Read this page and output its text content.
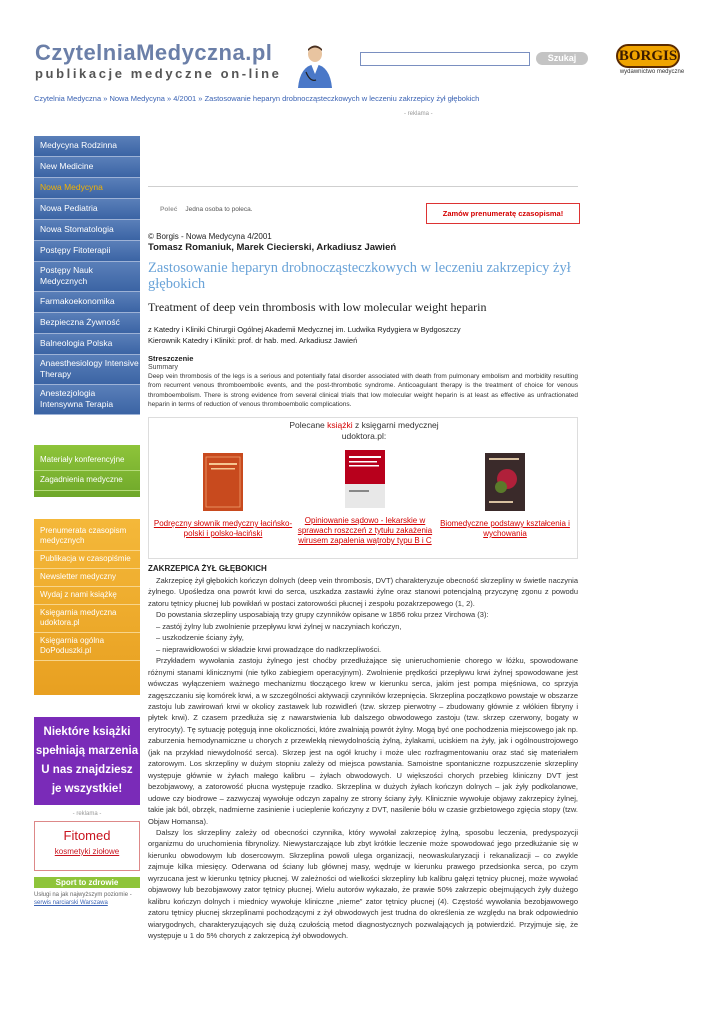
CzytelniaMedyczna.pl
publikacje medyczne on-line
Szukaj	BORGIS
wydawnictwo medyczne
Czytelnia Medyczna » Nowa Medycyna » 4/2001 » Zastosowanie heparyn drobnocząsteczkowych w leczeniu zakrzepicy żył głębokich
- reklama -
Medycyna Rodzinna
New Medicine
Nowa Medycyna
Nowa Pediatria
Nowa Stomatologia
Postępy Fitoterapii
Postępy Nauk Medycznych
Farmakoekonomika
Bezpieczna Żywność
Balneologia Polska
Anaesthesiology Intensive Therapy
Anestezjologia Intensywna Terapia
Materiały konferencyjne
Zagadnienia medyczne
Prenumerata czasopism medycznych
Publikacja w czasopiśmie
Newsletter medyczny
Wydaj z nami książkę
Księgarnia medyczna udoktora.pl
Księgarnia ogólna DoPoduszki.pl
Niektóre książki
spełniają marzenia
U nas znajdziesz
je wszystkie!
- reklama -
Fitomed
kosmetyki ziołowe
Sport to zdrowie
Usługi na jak najwyższym poziomie -
serwis narciarski Warszawa
Poleć Jedna osoba to poleca.	Zamów prenumeratę czasopisma!
© Borgis - Nowa Medycyna 4/2001
Tomasz Romaniuk, Marek Ciecierski, Arkadiusz Jawień
Zastosowanie heparyn drobnocząsteczkowych w leczeniu zakrzepicy żył głębokich
Treatment of deep vein thrombosis with low molecular weight heparin
z Katedry i Kliniki Chirurgii Ogólnej Akademii Medycznej im. Ludwika Rydygiera w Bydgoszczy
Kierownik Katedry i Kliniki: prof. dr hab. med. Arkadiusz Jawień
Streszczenie
Summary
Deep vein thrombosis of the legs is a serious and potentially fatal disorder associated with death from pulmonary embolism and morbidity resulting from recurrent venous thromboembolic events, and the post-thrombotic syndrome. Anticoagulant therapy is the treatment of choice for venous thromboembolism. There is strong evidence from several clinical trials that low molecular weight heparin is at least as effective as unfractionated heparin in terms of reduction of venous thromboembolic complications.
Polecane książki z księgarni medycznej
udoktora.pl:
Podręczny słownik medyczny łacińsko-polski i polsko-łaciński
Opiniowanie sądowo - lekarskie w sprawach roszczeń z tytułu zakażenia wirusem zapalenia wątroby typu B i C
Biomedyczne podstawy kształcenia i wychowania
ZAKRZEPICA ŻYŁ GŁĘBOKICH
Zakrzepicę żył głębokich kończyn dolnych (deep vein thrombosis, DVT) charakteryzuje obecność skrzepliny w świetle naczynia żylnego. Upośledza ona powrót krwi do serca, uszkadza zastawki żylne oraz stanowi potencjalną przyczynę zgonu z powodu zatoru tętnicy płucnej lub powikłań w postaci zatorowości płucnej i zespołu pozakrzepowego (1, 2).
Do powstania skrzepliny usposabiają trzy grupy czynników opisane w 1856 roku przez Virchowa (3):
– zastój żylny lub zwolnienie przepływu krwi żylnej w naczyniach kończyn,
– uszkodzenie ściany żyły,
– nieprawidłowości w składzie krwi prowadzące do nadkrzepliwości.
Przykładem wywołania zastoju żylnego jest choćby przedłużające się unieruchomienie chorego w łóżku, spowodowane różnymi stanami klinicznymi (nie tylko zabiegiem operacyjnym). Zwolnienie prędkości przepływu krwi żylnej spowodowane jest wówczas wyłączeniem ważnego mechanizmu tłoczącego krew w kierunku serca, jakim jest pompa mięśniowa, co sprzyja zagęszczaniu się komórek krwi, a w szczególności aktywacji czynników krzepnięcia. Skrzeplina początkowo powstaje w obszarze zastoju lub zawirowań krwi w okolicy zastawek lub rozwidleń (tzw. skrzep pierwotny – zbudowany głównie z włókien fibryny i płytek krwi). Z czasem przedłuża się z nawarstwienia lub dalszego obwodowego zastoju (tzw. skrzep czerwony, bogaty w erytrocyty). Tę sytuację potęgują inne okoliczności, które zwalniają powrót żylny. Mogą być one pochodzenia miejscowego jak np. zaburzenia hemodynamiczne u chorych z przewlekłą niewydolnością żylną, żylakami, uciskiem na żyły, jak i ogólnoustrojowego (jak na przykład niewydolność serca). Skrzep jest na ogół kruchy i może ulec rozfragmentowaniu oraz stać się materiałem zatorowym. Los skrzepliny w dużym stopniu zależy od miejsca powstania. Samoistne spontaniczne rozpuszczenie skrzepliny występuje głównie w żyłach małego kalibru – żyłach obwodowych. U większości chorych przebieg kliniczny DVT jest bezobjawowy, a zatorowość płucna występuje rzadko. Skrzeplina w dużych żyłach kończyn dolnych – jak żyły podkolanowe, udowe czy biodrowe – zazwyczaj wywołuje odczyn zapalny ze strony ściany żyły. Klinicznie wywołuje objawy zakrzepicy żylnej, takie jak ból, obrzęk, nadmierne zasinienie i ucieplenie kończyny z DVT, nasilenie bólu w czasie grzbietowego zgięcia stopy (tzw. Objaw Homansa).
Dalszy los skrzepliny zależy od obecności czynnika, który wywołał zakrzepicę żylną, sposobu leczenia, predyspozycji organizmu do uruchomienia fibrynolizy. Niewystarczające lub zbyt krótkie leczenie może spowodować jego przedłużanie się w kierunku obwodowym lub dosercowym. Skrzeplina powoli ulega organizacji, neowaskularyzacji i rekanalizacji – co zwykle zajmuje kilka miesięcy. Oderwana od ściany lub głównej masy, wędruje w kierunku prawego przedsionka serca, po czym wyrzucana jest w kierunku tętnicy płucnej. W zależności od wielkości skrzepliny lub kalibru gałęzi tętnicy płucnej, może wywołać objawowy lub bezobjawowy zator tętnicy płucnej. Wielu autorów wykazało, że prawie 50% zakrzepic obejmujących żyły dużego kalibru kończyn dolnych i miednicy wywołuje kliniczne „nieme” zator tętnicy płucnej (4). Częstość wywołania bezobjawowego zatoru tętnicy płucnej skrzeplinami pochodzącymi z żył obwodowych jest trudna do określenia ze względu na brak odpowiednio wiarygodnych, charakteryzujących się dużą czułością metod diagnostycznych pozwalających ją potwierdzić. Przyjmuje się, że występuje u 1 do 5% chorych z zakrzepicą żył obwodowych.
